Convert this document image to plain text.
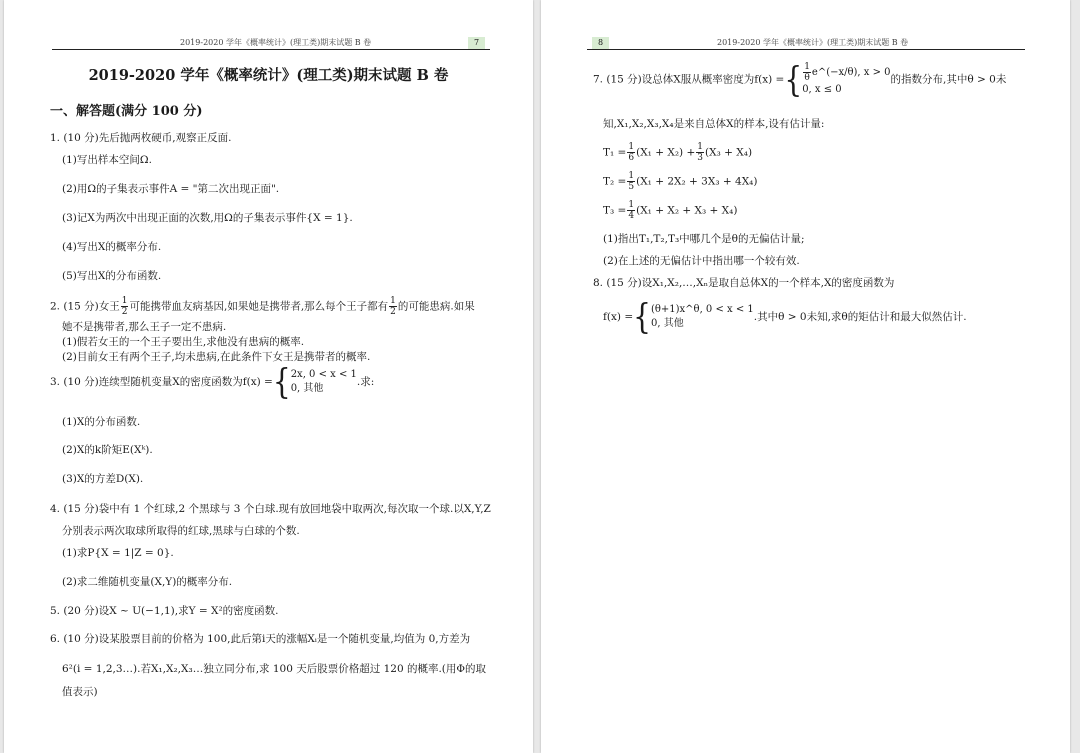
2019-2020 学年《概率统计》(理工类)期末试题 B 卷	7
2019-2020 学年《概率统计》(理工类)期末试题 B 卷
一、解答题(满分 100 分)
1. (10 分)先后抛两枚硬币,观察正反面.
(1)写出样本空间Ω.
(2)用Ω的子集表示事件A = "第二次出现正面".
(3)记X为两次中出现正面的次数,用Ω的子集表示事件{X = 1}.
(4)写出X的概率分布.
(5)写出X的分布函数.
2. (15 分)女王 $\frac{1}{2}$ 可能携带血友病基因,如果她是携带者,那么每个王子都有 $\frac{1}{2}$ 的可能患病.如果
她不是携带者,那么王子一定不患病.
(1)假若女王的一个王子要出生,求他没有患病的概率.
(2)目前女王有两个王子,均未患病,在此条件下女王是携带者的概率.
3. (10 分)连续型随机变量X的密度函数为f(x) ={ 2x, 0 < x < 1
0, 其他
.求:
(1)X的分布函数.
(2)X的k阶矩E(Xᵏ).
(3)X的方差D(X).
4. (15 分)袋中有 1 个红球,2 个黑球与 3 个白球.现有放回地袋中取两次,每次取一个球.以X,Y,Z
分别表示两次取球所取得的红球,黑球与白球的个数.
(1)求P{X = 1|Z = 0}.
(2)求二维随机变量(X,Y)的概率分布.
5. (20 分)设X ~ U(−1,1),求Y = X²的密度函数.
6. (10 分)设某股票目前的价格为 100,此后第i天的涨幅Xᵢ是一个随机变量,均值为 0,方差为
6²(i = 1,2,3…).若X₁,X₂,X₃…独立同分布,求 100 天后股票价格超过 120 的概率.(用Φ的取
值表示)
8	2019-2020 学年《概率统计》(理工类)期末试题 B 卷
7. (15 分)设总体X服从概率密度为f(x) ={ $\frac{1}{\theta}$ e^(−x/θ), x > 0
0, x ≤ 0
的指数分布,其中θ > 0未
知,X₁,X₂,X₃,X₄是来自总体X的样本,设有估计量:
$T_1 = \frac{1}{6} (X_1 + X_2) + \frac{1}{3} (X_3 + X_4)$
$T_2 = \frac{1}{5} (X_1 + 2X_2 + 3X_3 + 4X_4)$
$T_3 = \frac{1}{4} (X_1 + X_2 + X_3 + X_4)$
(1)指出T₁,T₂,T₃中哪几个是θ的无偏估计量;
(2)在上述的无偏估计中指出哪一个较有效.
8. (15 分)设X₁,X₂,…,Xₙ是取自总体X的一个样本,X的密度函数为
f(x) ={ (θ+1)x^θ, 0 < x < 1
0, 其他
.其中θ > 0未知,求θ的矩估计和最大似然估计.
